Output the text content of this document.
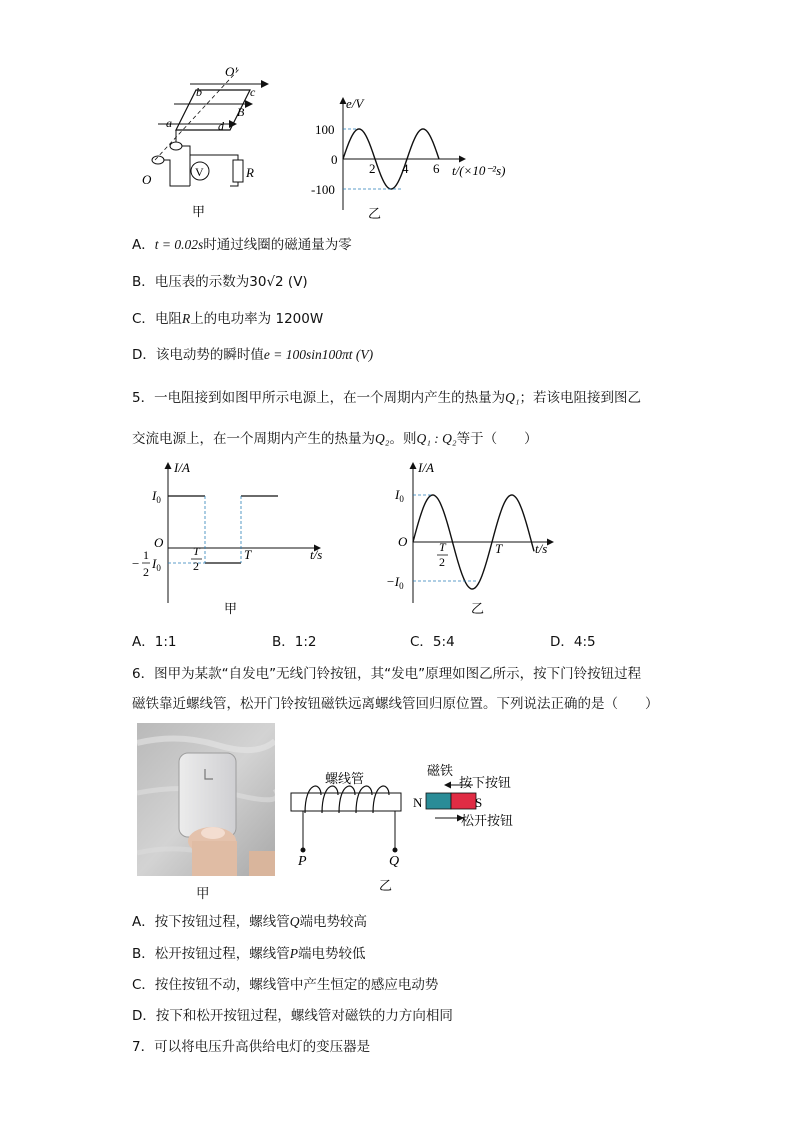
O′
b	c
B
a	d
O	V	R
甲
e/V
100
0
-100
2 4 6 t/(×10⁻²s)
乙
A．t = 0.02s时通过线圈的磁通量为零
B．电压表的示数为30√2 (V)
C．电阻R上的电功率为 1200W
D．该电动势的瞬时值e = 100sin100πt (V)
5．一电阻接到如图甲所示电源上，在一个周期内产生的热量为Q₁；若该电阻接到图乙
交流电源上，在一个周期内产生的热量为Q₂。则Q₁ : Q₂等于（　　）
I/A
$I_0$
O
−
1
2
$I_0$
T
2
T	t/s
甲
I/A
$I_0$
O
$-I_0$
T
2
T	t/s
乙
A．1:1	B．1:2	C．5:4	D．4:5
6．图甲为某款“自发电”无线门铃按钮，其“发电”原理如图乙所示，按下门铃按钮过程
磁铁靠近螺线管，松开门铃按钮磁铁远离螺线管回归原位置。下列说法正确的是（　　）
甲
螺线管
磁铁
按下按钮
松开按钮
N	S
P	Q
乙
A．按下按钮过程，螺线管Q端电势较高
B．松开按钮过程，螺线管P端电势较低
C．按住按钮不动，螺线管中产生恒定的感应电动势
D．按下和松开按钮过程，螺线管对磁铁的力方向相同
7．可以将电压升高供给电灯的变压器是
